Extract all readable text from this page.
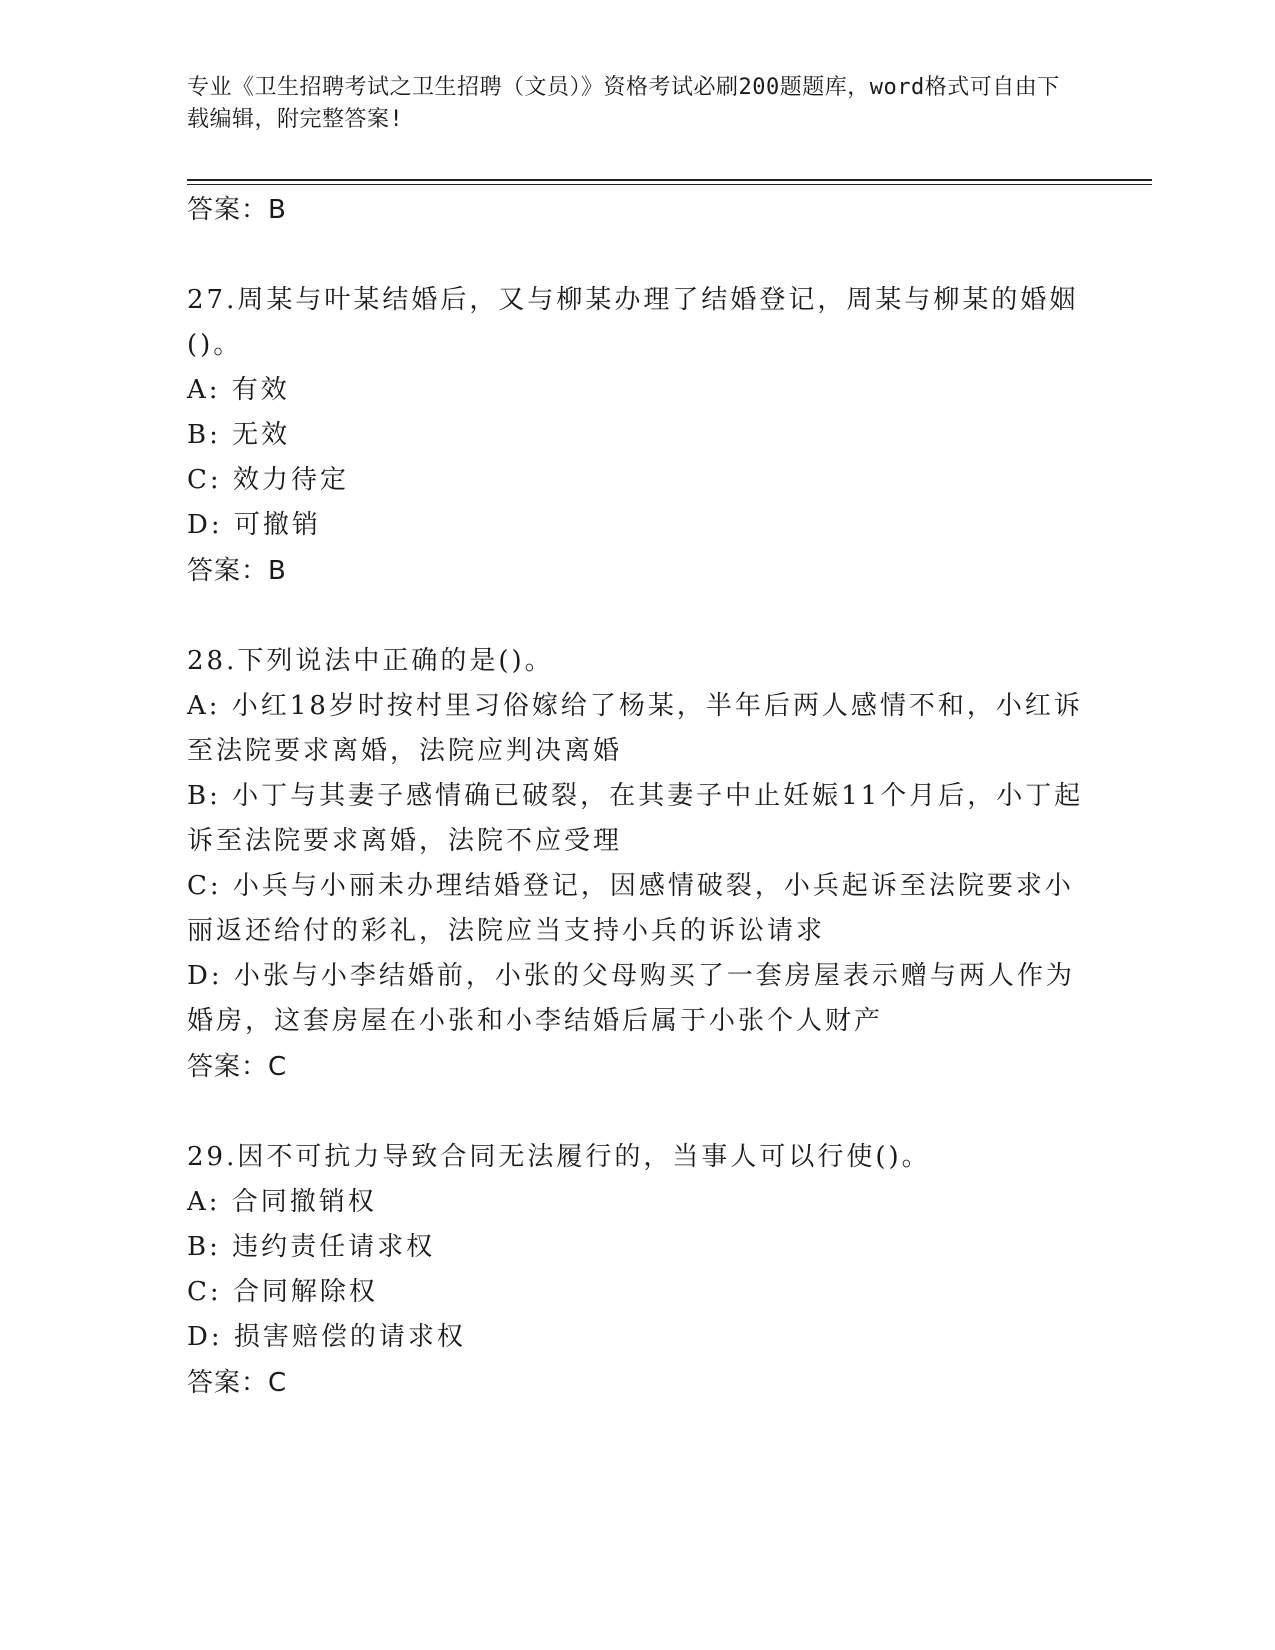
专业《卫生招聘考试之卫生招聘（文员）》资格考试必刷200题题库，word格式可自由下载编辑，附完整答案!

答案：B

27.周某与叶某结婚后，又与柳某办理了结婚登记，周某与柳某的婚姻

()。

A: 有效

B: 无效

C: 效力待定

D: 可撤销

答案：B

28.下列说法中正确的是()。

A: 小红18岁时按村里习俗嫁给了杨某，半年后两人感情不和，小红诉至法院要求离婚，法院应判决离婚

B: 小丁与其妻子感情确已破裂，在其妻子中止妊娠11个月后，小丁起诉至法院要求离婚，法院不应受理

C: 小兵与小丽未办理结婚登记，因感情破裂，小兵起诉至法院要求小丽返还给付的彩礼，法院应当支持小兵的诉讼请求

D: 小张与小李结婚前，小张的父母购买了一套房屋表示赠与两人作为婚房，这套房屋在小张和小李结婚后属于小张个人财产

答案：C

29.因不可抗力导致合同无法履行的，当事人可以行使()。

A: 合同撤销权

B: 违约责任请求权

C: 合同解除权

D: 损害赔偿的请求权

答案：C
